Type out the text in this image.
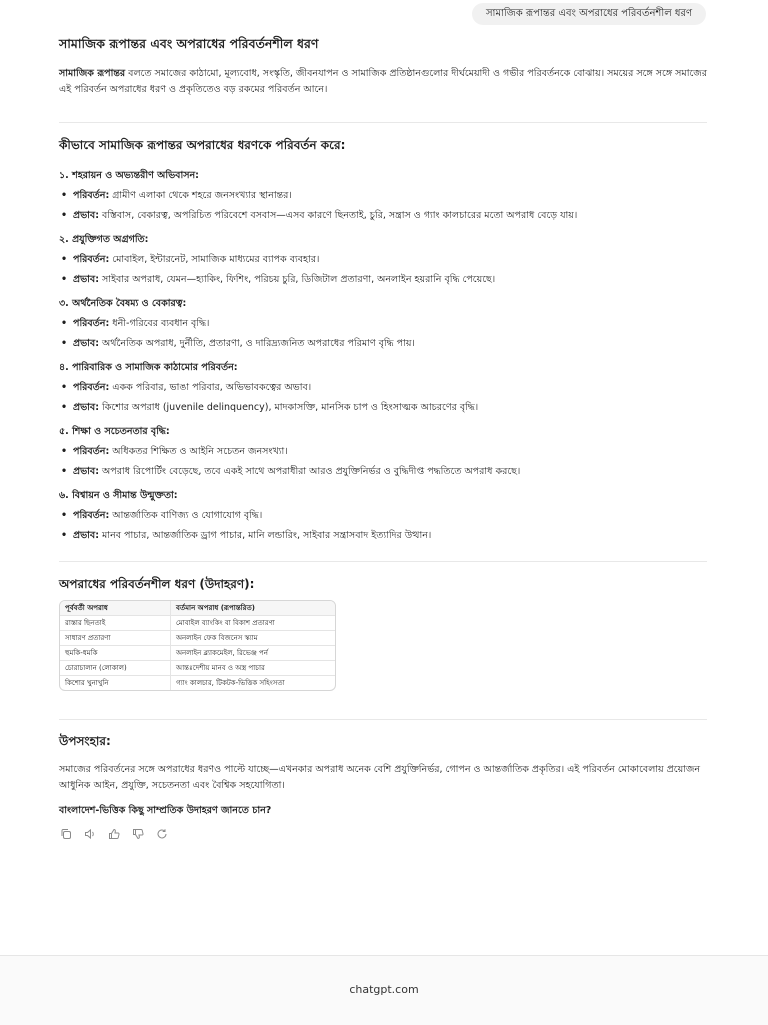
সামাজিক রূপান্তর এবং অপরাধের পরিবর্তনশীল ধরণ
সামাজিক রূপান্তর এবং অপরাধের পরিবর্তনশীল ধরণ

সামাজিক রূপান্তর বলতে সমাজের কাঠামো, মূল্যবোধ, সংস্কৃতি, জীবনযাপন ও সামাজিক প্রতিষ্ঠানগুলোর দীর্ঘমেয়াদী ও গভীর পরিবর্তনকে বোঝায়। সময়ের সঙ্গে সঙ্গে সমাজের এই পরিবর্তন অপরাধের ধরণ ও প্রকৃতিতেও বড় রকমের পরিবর্তন আনে।

কীভাবে সামাজিক রূপান্তর অপরাধের ধরণকে পরিবর্তন করে:
১. শহরায়ন ও অভ্যন্তরীণ অভিবাসন:
• পরিবর্তন: গ্রামীণ এলাকা থেকে শহরে জনসংখ্যার স্থানান্তর।
• প্রভাব: বস্তিবাস, বেকারত্ব, অপরিচিত পরিবেশে বসবাস—এসব কারণে ছিনতাই, চুরি, সন্ত্রাস ও গ্যাং কালচারের মতো অপরাধ বেড়ে যায়।
২. প্রযুক্তিগত অগ্রগতি:
• পরিবর্তন: মোবাইল, ইন্টারনেট, সামাজিক মাধ্যমের ব্যাপক ব্যবহার।
• প্রভাব: সাইবার অপরাধ, যেমন—হ্যাকিং, ফিশিং, পরিচয় চুরি, ডিজিটাল প্রতারণা, অনলাইন হয়রানি বৃদ্ধি পেয়েছে।
৩. অর্থনৈতিক বৈষম্য ও বেকারত্ব:
• পরিবর্তন: ধনী-গরিবের ব্যবধান বৃদ্ধি।
• প্রভাব: অর্থনৈতিক অপরাধ, দুর্নীতি, প্রতারণা, ও দারিদ্র্যজনিত অপরাধের পরিমাণ বৃদ্ধি পায়।
৪. পারিবারিক ও সামাজিক কাঠামোর পরিবর্তন:
• পরিবর্তন: একক পরিবার, ভাঙা পরিবার, অভিভাবকত্বের অভাব।
• প্রভাব: কিশোর অপরাধ (juvenile delinquency), মাদকাসক্তি, মানসিক চাপ ও হিংসাত্মক আচরণের বৃদ্ধি।
৫. শিক্ষা ও সচেতনতার বৃদ্ধি:
• পরিবর্তন: অধিকতর শিক্ষিত ও আইনি সচেতন জনসংখ্যা।
• প্রভাব: অপরাধ রিপোর্টিং বেড়েছে, তবে একই সাথে অপরাধীরা আরও প্রযুক্তিনির্ভর ও বুদ্ধিদীপ্ত পদ্ধতিতে অপরাধ করছে।
৬. বিশ্বায়ন ও সীমান্ত উন্মুক্ততা:
• পরিবর্তন: আন্তর্জাতিক বাণিজ্য ও যোগাযোগ বৃদ্ধি।
• প্রভাব: মানব পাচার, আন্তর্জাতিক ড্রাগ পাচার, মানি লন্ডারিং, সাইবার সন্ত্রাসবাদ ইত্যাদির উত্থান।
অপরাধের পরিবর্তনশীল ধরণ (উদাহরণ):
পূর্ববর্তী অপরাধ	বর্তমান অপরাধ (রূপান্তরিত)
রাস্তার ছিনতাই	মোবাইল ব্যাংকিং বা বিকাশ প্রতারণা
সাধারণ প্রতারণা	অনলাইন ফেক বিজনেস স্ক্যাম
হুমকি-ধমকি	অনলাইন ব্ল্যাকমেইল, রিভেঞ্জ পর্ন
চোরাচালান (লোকাল)	আন্তঃদেশীয় মানব ও অস্ত্র পাচার
কিশোর খুনাখুনি	গ্যাং কালচার, টিকটক-ভিত্তিক সহিংসতা
উপসংহার:

সমাজের পরিবর্তনের সঙ্গে অপরাধের ধরণও পাল্টে যাচ্ছে—এখনকার অপরাধ অনেক বেশি প্রযুক্তিনির্ভর, গোপন ও আন্তর্জাতিক প্রকৃতির। এই পরিবর্তন মোকাবেলায় প্রয়োজন আধুনিক আইন, প্রযুক্তি, সচেতনতা এবং বৈশ্বিক সহযোগিতা।

বাংলাদেশ-ভিত্তিক কিছু সাম্প্রতিক উদাহরণ জানতে চান?

chatgpt.com
